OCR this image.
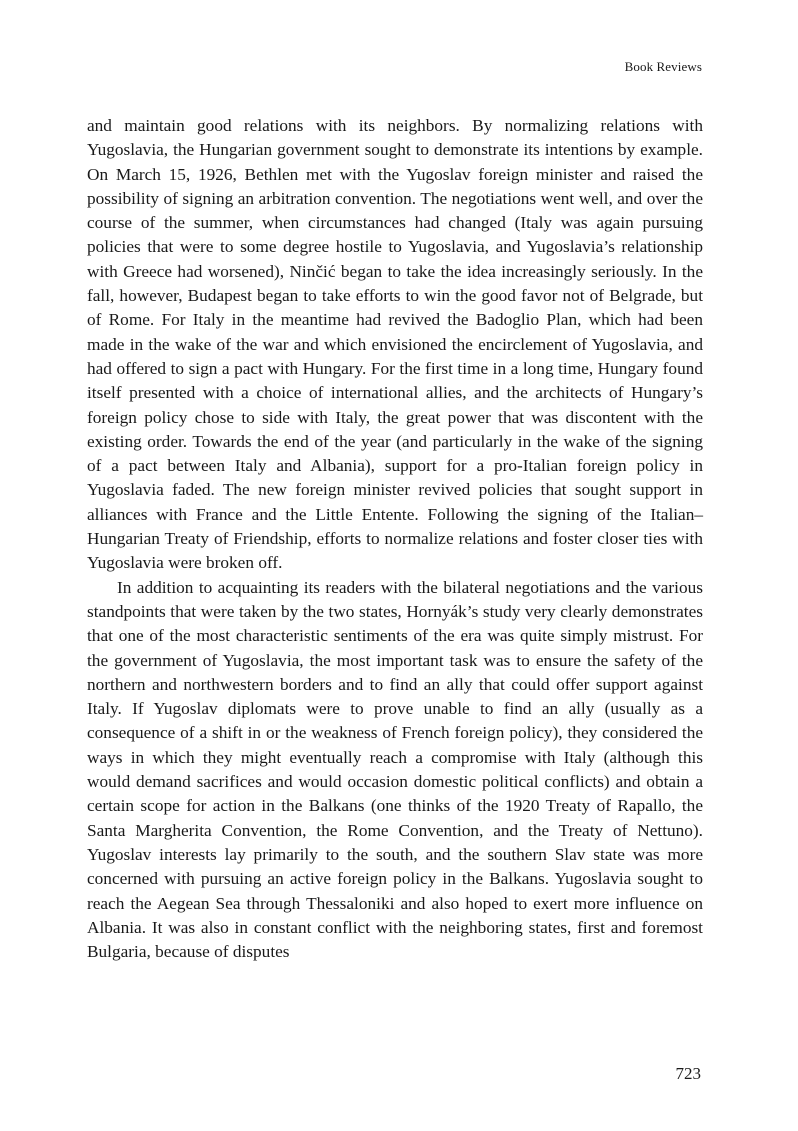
Book Reviews

and maintain good relations with its neighbors. By normalizing relations with Yugoslavia, the Hungarian government sought to demonstrate its intentions by example. On March 15, 1926, Bethlen met with the Yugoslav foreign minister and raised the possibility of signing an arbitration convention. The negotiations went well, and over the course of the summer, when circumstances had changed (Italy was again pursuing policies that were to some degree hostile to Yugoslavia, and Yugoslavia’s relationship with Greece had worsened), Ninčić began to take the idea increasingly seriously. In the fall, however, Budapest began to take efforts to win the good favor not of Belgrade, but of Rome. For Italy in the meantime had revived the Badoglio Plan, which had been made in the wake of the war and which envisioned the encirclement of Yugoslavia, and had offered to sign a pact with Hungary. For the first time in a long time, Hungary found itself presented with a choice of international allies, and the architects of Hungary’s foreign policy chose to side with Italy, the great power that was discontent with the existing order. Towards the end of the year (and particularly in the wake of the signing of a pact between Italy and Albania), support for a pro-Italian foreign policy in Yugoslavia faded. The new foreign minister revived policies that sought support in alliances with France and the Little Entente. Following the signing of the Italian–Hungarian Treaty of Friendship, efforts to normalize relations and foster closer ties with Yugoslavia were broken off.

In addition to acquainting its readers with the bilateral negotiations and the various standpoints that were taken by the two states, Hornyák’s study very clearly demonstrates that one of the most characteristic sentiments of the era was quite simply mistrust. For the government of Yugoslavia, the most important task was to ensure the safety of the northern and northwestern borders and to find an ally that could offer support against Italy. If Yugoslav diplomats were to prove unable to find an ally (usually as a consequence of a shift in or the weakness of French foreign policy), they considered the ways in which they might eventually reach a compromise with Italy (although this would demand sacrifices and would occasion domestic political conflicts) and obtain a certain scope for action in the Balkans (one thinks of the 1920 Treaty of Rapallo, the Santa Margherita Convention, the Rome Convention, and the Treaty of Nettuno). Yugoslav interests lay primarily to the south, and the southern Slav state was more concerned with pursuing an active foreign policy in the Balkans. Yugoslavia sought to reach the Aegean Sea through Thessaloniki and also hoped to exert more influence on Albania. It was also in constant conflict with the neighboring states, first and foremost Bulgaria, because of disputes

723
